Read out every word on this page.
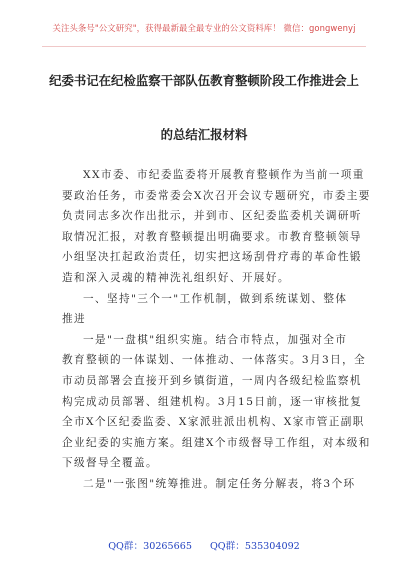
关注头条号"公文研究"，获得最新最全最专业的公文资料库！ 微信：gongwenyj
纪委书记在纪检监察干部队伍教育整顿阶段工作推进会上
的总结汇报材料
XX市委、市纪委监委将开展教育整顿作为当前一项重
要政治任务，市委常委会X次召开会议专题研究，市委主要
负责同志多次作出批示，并到市、区纪委监委机关调研听
取情况汇报，对教育整顿提出明确要求。市教育整顿领导
小组坚决扛起政治责任，切实把这场刮骨疗毒的革命性锻
造和深入灵魂的精神洗礼组织好、开展好。
一、坚持"三个一"工作机制，做到系统谋划、整体
推进
一是"一盘棋"组织实施。结合市特点，加强对全市
教育整顿的一体谋划、一体推动、一体落实。3月3日，全
市动员部署会直接开到乡镇街道，一周内各级纪检监察机
构完成动员部署、组建机构。3月15日前，逐一审核批复
全市X个区纪委监委、X家派驻派出机构、X家市管正副职
企业纪委的实施方案。组建X个市级督导工作组，对本级和
下级督导全覆盖。
二是"一张图"统筹推进。制定任务分解表，将3个环
QQ群：30265665 QQ群：535304092
